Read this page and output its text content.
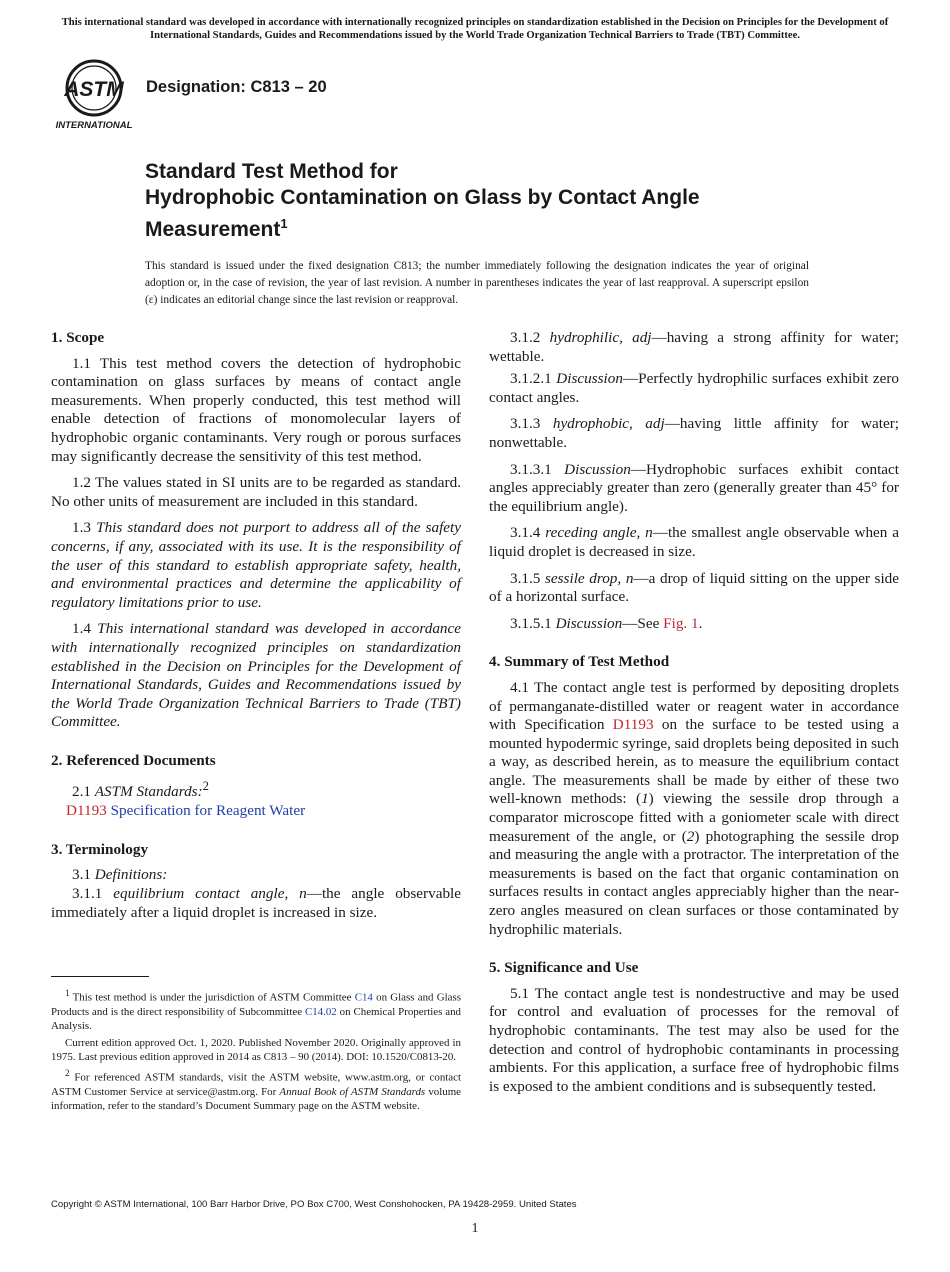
This international standard was developed in accordance with internationally recognized principles on standardization established in the Decision on Principles for the Development of International Standards, Guides and Recommendations issued by the World Trade Organization Technical Barriers to Trade (TBT) Committee.
ASTM
INTERNATIONAL
Designation: C813 – 20
Standard Test Method for
Hydrophobic Contamination on Glass by Contact Angle
Measurement$^1$
This standard is issued under the fixed designation C813; the number immediately following the designation indicates the year of original adoption or, in the case of revision, the year of last revision. A number in parentheses indicates the year of last reapproval. A superscript epsilon (ε) indicates an editorial change since the last revision or reapproval.
1. Scope

1.1 This test method covers the detection of hydrophobic contamination on glass surfaces by means of contact angle measurements. When properly conducted, this test method will enable detection of fractions of monomolecular layers of hydrophobic organic contaminants. Very rough or porous surfaces may significantly decrease the sensitivity of this test method.

1.2 The values stated in SI units are to be regarded as standard. No other units of measurement are included in this standard.

1.3 This standard does not purport to address all of the safety concerns, if any, associated with its use. It is the responsibility of the user of this standard to establish appropriate safety, health, and environmental practices and determine the applicability of regulatory limitations prior to use.

1.4 This international standard was developed in accordance with internationally recognized principles on standardization established in the Decision on Principles for the Development of International Standards, Guides and Recommendations issued by the World Trade Organization Technical Barriers to Trade (TBT) Committee.

2. Referenced Documents

2.1 ASTM Standards:$^2$

D1193 Specification for Reagent Water

3. Terminology

3.1 Definitions:

3.1.1 equilibrium contact angle, n—the angle observable immediately after a liquid droplet is increased in size.

3.1.2 hydrophilic, adj—having a strong affinity for water; wettable.

3.1.2.1 Discussion—Perfectly hydrophilic surfaces exhibit zero contact angles.

3.1.3 hydrophobic, adj—having little affinity for water; nonwettable.

3.1.3.1 Discussion—Hydrophobic surfaces exhibit contact angles appreciably greater than zero (generally greater than 45° for the equilibrium angle).

3.1.4 receding angle, n—the smallest angle observable when a liquid droplet is decreased in size.

3.1.5 sessile drop, n—a drop of liquid sitting on the upper side of a horizontal surface.

3.1.5.1 Discussion—See Fig. 1.

4. Summary of Test Method

4.1 The contact angle test is performed by depositing droplets of permanganate-distilled water or reagent water in accordance with Specification D1193 on the surface to be tested using a mounted hypodermic syringe, said droplets being deposited in such a way, as described herein, as to measure the equilibrium contact angle. The measurements shall be made by either of these two well-known methods: (1) viewing the sessile drop through a comparator microscope fitted with a goniometer scale with direct measurement of the angle, or (2) photographing the sessile drop and measuring the angle with a protractor. The interpretation of the measurements is based on the fact that organic contamination on surfaces results in contact angles appreciably higher than the near-zero angles measured on clean surfaces or those contaminated by hydrophilic materials.

5. Significance and Use

5.1 The contact angle test is nondestructive and may be used for control and evaluation of processes for the removal of hydrophobic contaminants. The test may also be used for the detection and control of hydrophobic contaminants in processing ambients. For this application, a surface free of hydrophobic films is exposed to the ambient conditions and is subsequently tested.

$^1$ This test method is under the jurisdiction of ASTM Committee C14 on Glass and Glass Products and is the direct responsibility of Subcommittee C14.02 on Chemical Properties and Analysis.

Current edition approved Oct. 1, 2020. Published November 2020. Originally approved in 1975. Last previous edition approved in 2014 as C813 – 90 (2014). DOI: 10.1520/C0813-20.

$^2$ For referenced ASTM standards, visit the ASTM website, www.astm.org, or contact ASTM Customer Service at service@astm.org. For Annual Book of ASTM Standards volume information, refer to the standard’s Document Summary page on the ASTM website.

Copyright © ASTM International, 100 Barr Harbor Drive, PO Box C700, West Conshohocken, PA 19428-2959. United States
1
